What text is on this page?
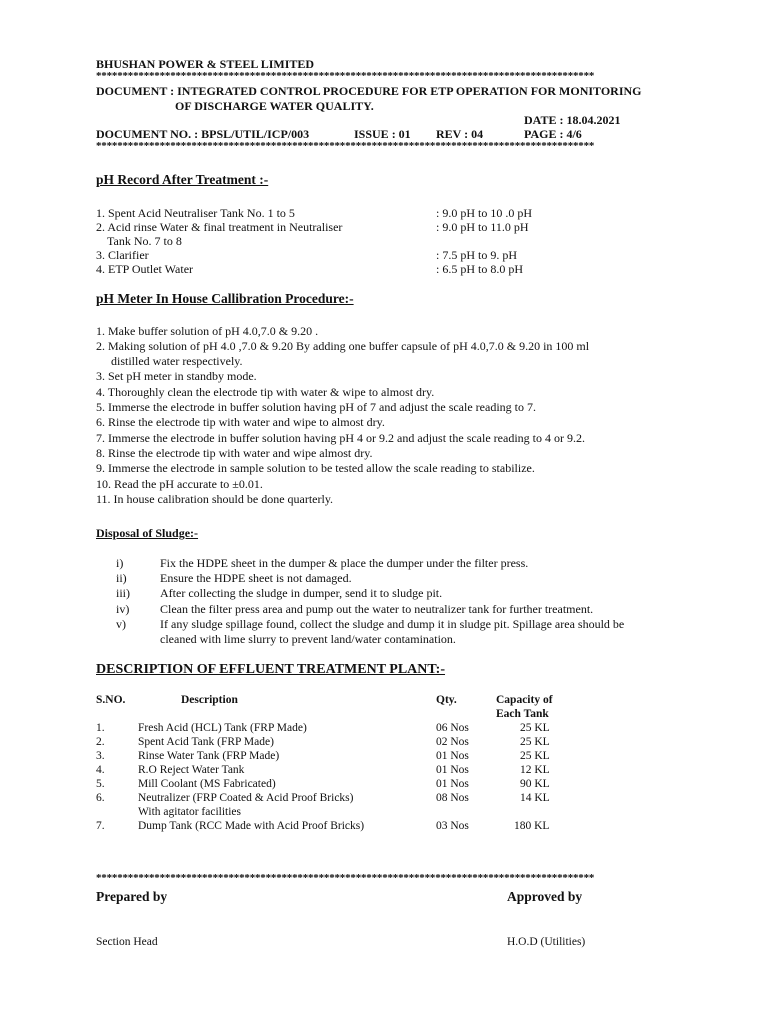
BHUSHAN POWER & STEEL LIMITED
**********************************************************************************************
DOCUMENT : INTEGRATED CONTROL PROCEDURE FOR ETP OPERATION FOR MONITORING
OF DISCHARGE WATER QUALITY.
DATE : 18.04.2021
DOCUMENT NO. : BPSL/UTIL/ICP/003	ISSUE : 01 REV : 04	PAGE : 4/6
**********************************************************************************************
pH Record After Treatment :-
1. Spent Acid Neutraliser Tank No. 1 to 5	: 9.0 pH to 10 .0 pH
2. Acid rinse Water & final treatment in Neutraliser	: 9.0 pH to 11.0 pH
Tank No. 7 to 8
3. Clarifier	: 7.5 pH to 9. pH
4. ETP Outlet Water	: 6.5 pH to 8.0 pH
pH Meter In House Callibration Procedure:-
1. Make buffer solution of pH 4.0,7.0 & 9.20 .
2. Making solution of pH 4.0 ,7.0 & 9.20 By adding one buffer capsule of pH 4.0,7.0 & 9.20 in 100 ml
distilled water respectively.
3. Set pH meter in standby mode.
4. Thoroughly clean the electrode tip with water & wipe to almost dry.
5. Immerse the electrode in buffer solution having pH of 7 and adjust the scale reading to 7.
6. Rinse the electrode tip with water and wipe to almost dry.
7. Immerse the electrode in buffer solution having pH 4 or 9.2 and adjust the scale reading to 4 or 9.2.
8. Rinse the electrode tip with water and wipe almost dry.
9. Immerse the electrode in sample solution to be tested allow the scale reading to stabilize.
10. Read the pH accurate to ±0.01.
11. In house calibration should be done quarterly.
Disposal of Sludge:-
i)	Fix the HDPE sheet in the dumper & place the dumper under the filter press.
ii)	Ensure the HDPE sheet is not damaged.
iii)	After collecting the sludge in dumper, send it to sludge pit.
iv)	Clean the filter press area and pump out the water to neutralizer tank for further treatment.
v)	If any sludge spillage found, collect the sludge and dump it in sludge pit. Spillage area should be
cleaned with lime slurry to prevent land/water contamination.
DESCRIPTION OF EFFLUENT TREATMENT PLANT:-
S.NO.	Description	Qty.	Capacity of
Each Tank
1.	Fresh Acid (HCL) Tank (FRP Made)	06 Nos	25 KL
2.	Spent Acid Tank (FRP Made)	02 Nos	25 KL
3.	Rinse Water Tank (FRP Made)	01 Nos	25 KL
4.	R.O Reject Water Tank	01 Nos	12 KL
5.	Mill Coolant (MS Fabricated)	01 Nos	90 KL
6.	Neutralizer (FRP Coated & Acid Proof Bricks)	08 Nos	14 KL
With agitator facilities
7.	Dump Tank (RCC Made with Acid Proof Bricks)	03 Nos	180 KL
**********************************************************************************************
Prepared by	Approved by
Section Head	H.O.D (Utilities)
